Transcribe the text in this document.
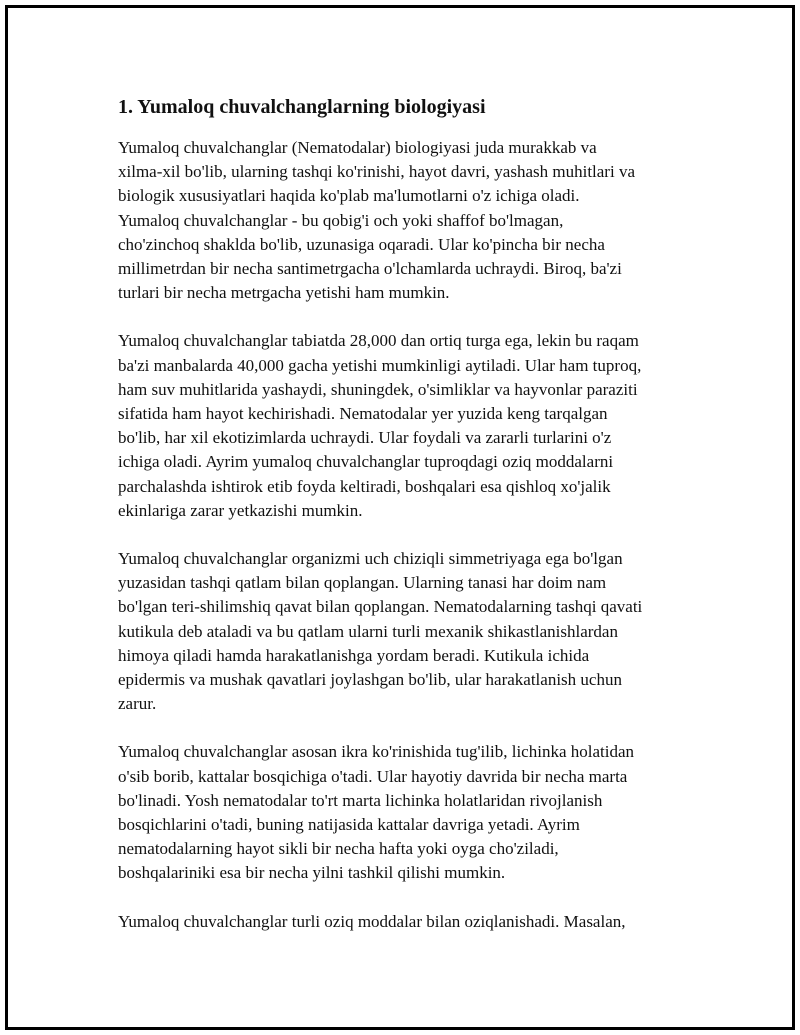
1. Yumaloq chuvalchanglarning biologiyasi

Yumaloq chuvalchanglar (Nematodalar) biologiyasi juda murakkab va
xilma-xil bo'lib, ularning tashqi ko'rinishi, hayot davri, yashash muhitlari va
biologik xususiyatlari haqida ko'plab ma'lumotlarni o'z ichiga oladi.
Yumaloq chuvalchanglar - bu qobig'i och yoki shaffof bo'lmagan,
cho'zinchoq shaklda bo'lib, uzunasiga oqaradi. Ular ko'pincha bir necha
millimetrdan bir necha santimetrgacha o'lchamlarda uchraydi. Biroq, ba'zi
turlari bir necha metrgacha yetishi ham mumkin.

Yumaloq chuvalchanglar tabiatda 28,000 dan ortiq turga ega, lekin bu raqam
ba'zi manbalarda 40,000 gacha yetishi mumkinligi aytiladi. Ular ham tuproq,
ham suv muhitlarida yashaydi, shuningdek, o'simliklar va hayvonlar paraziti
sifatida ham hayot kechirishadi. Nematodalar yer yuzida keng tarqalgan
bo'lib, har xil ekotizimlarda uchraydi. Ular foydali va zararli turlarini o'z
ichiga oladi. Ayrim yumaloq chuvalchanglar tuproqdagi oziq moddalarni
parchalashda ishtirok etib foyda keltiradi, boshqalari esa qishloq xo'jalik
ekinlariga zarar yetkazishi mumkin.

Yumaloq chuvalchanglar organizmi uch chiziqli simmetriyaga ega bo'lgan
yuzasidan tashqi qatlam bilan qoplangan. Ularning tanasi har doim nam
bo'lgan teri-shilimshiq qavat bilan qoplangan. Nematodalarning tashqi qavati
kutikula deb ataladi va bu qatlam ularni turli mexanik shikastlanishlardan
himoya qiladi hamda harakatlanishga yordam beradi. Kutikula ichida
epidermis va mushak qavatlari joylashgan bo'lib, ular harakatlanish uchun
zarur.

Yumaloq chuvalchanglar asosan ikra ko'rinishida tug'ilib, lichinka holatidan
o'sib borib, kattalar bosqichiga o'tadi. Ular hayotiy davrida bir necha marta
bo'linadi. Yosh nematodalar to'rt marta lichinka holatlaridan rivojlanish
bosqichlarini o'tadi, buning natijasida kattalar davriga yetadi. Ayrim
nematodalarning hayot sikli bir necha hafta yoki oyga cho'ziladi,
boshqalariniki esa bir necha yilni tashkil qilishi mumkin.

Yumaloq chuvalchanglar turli oziq moddalar bilan oziqlanishadi. Masalan,
